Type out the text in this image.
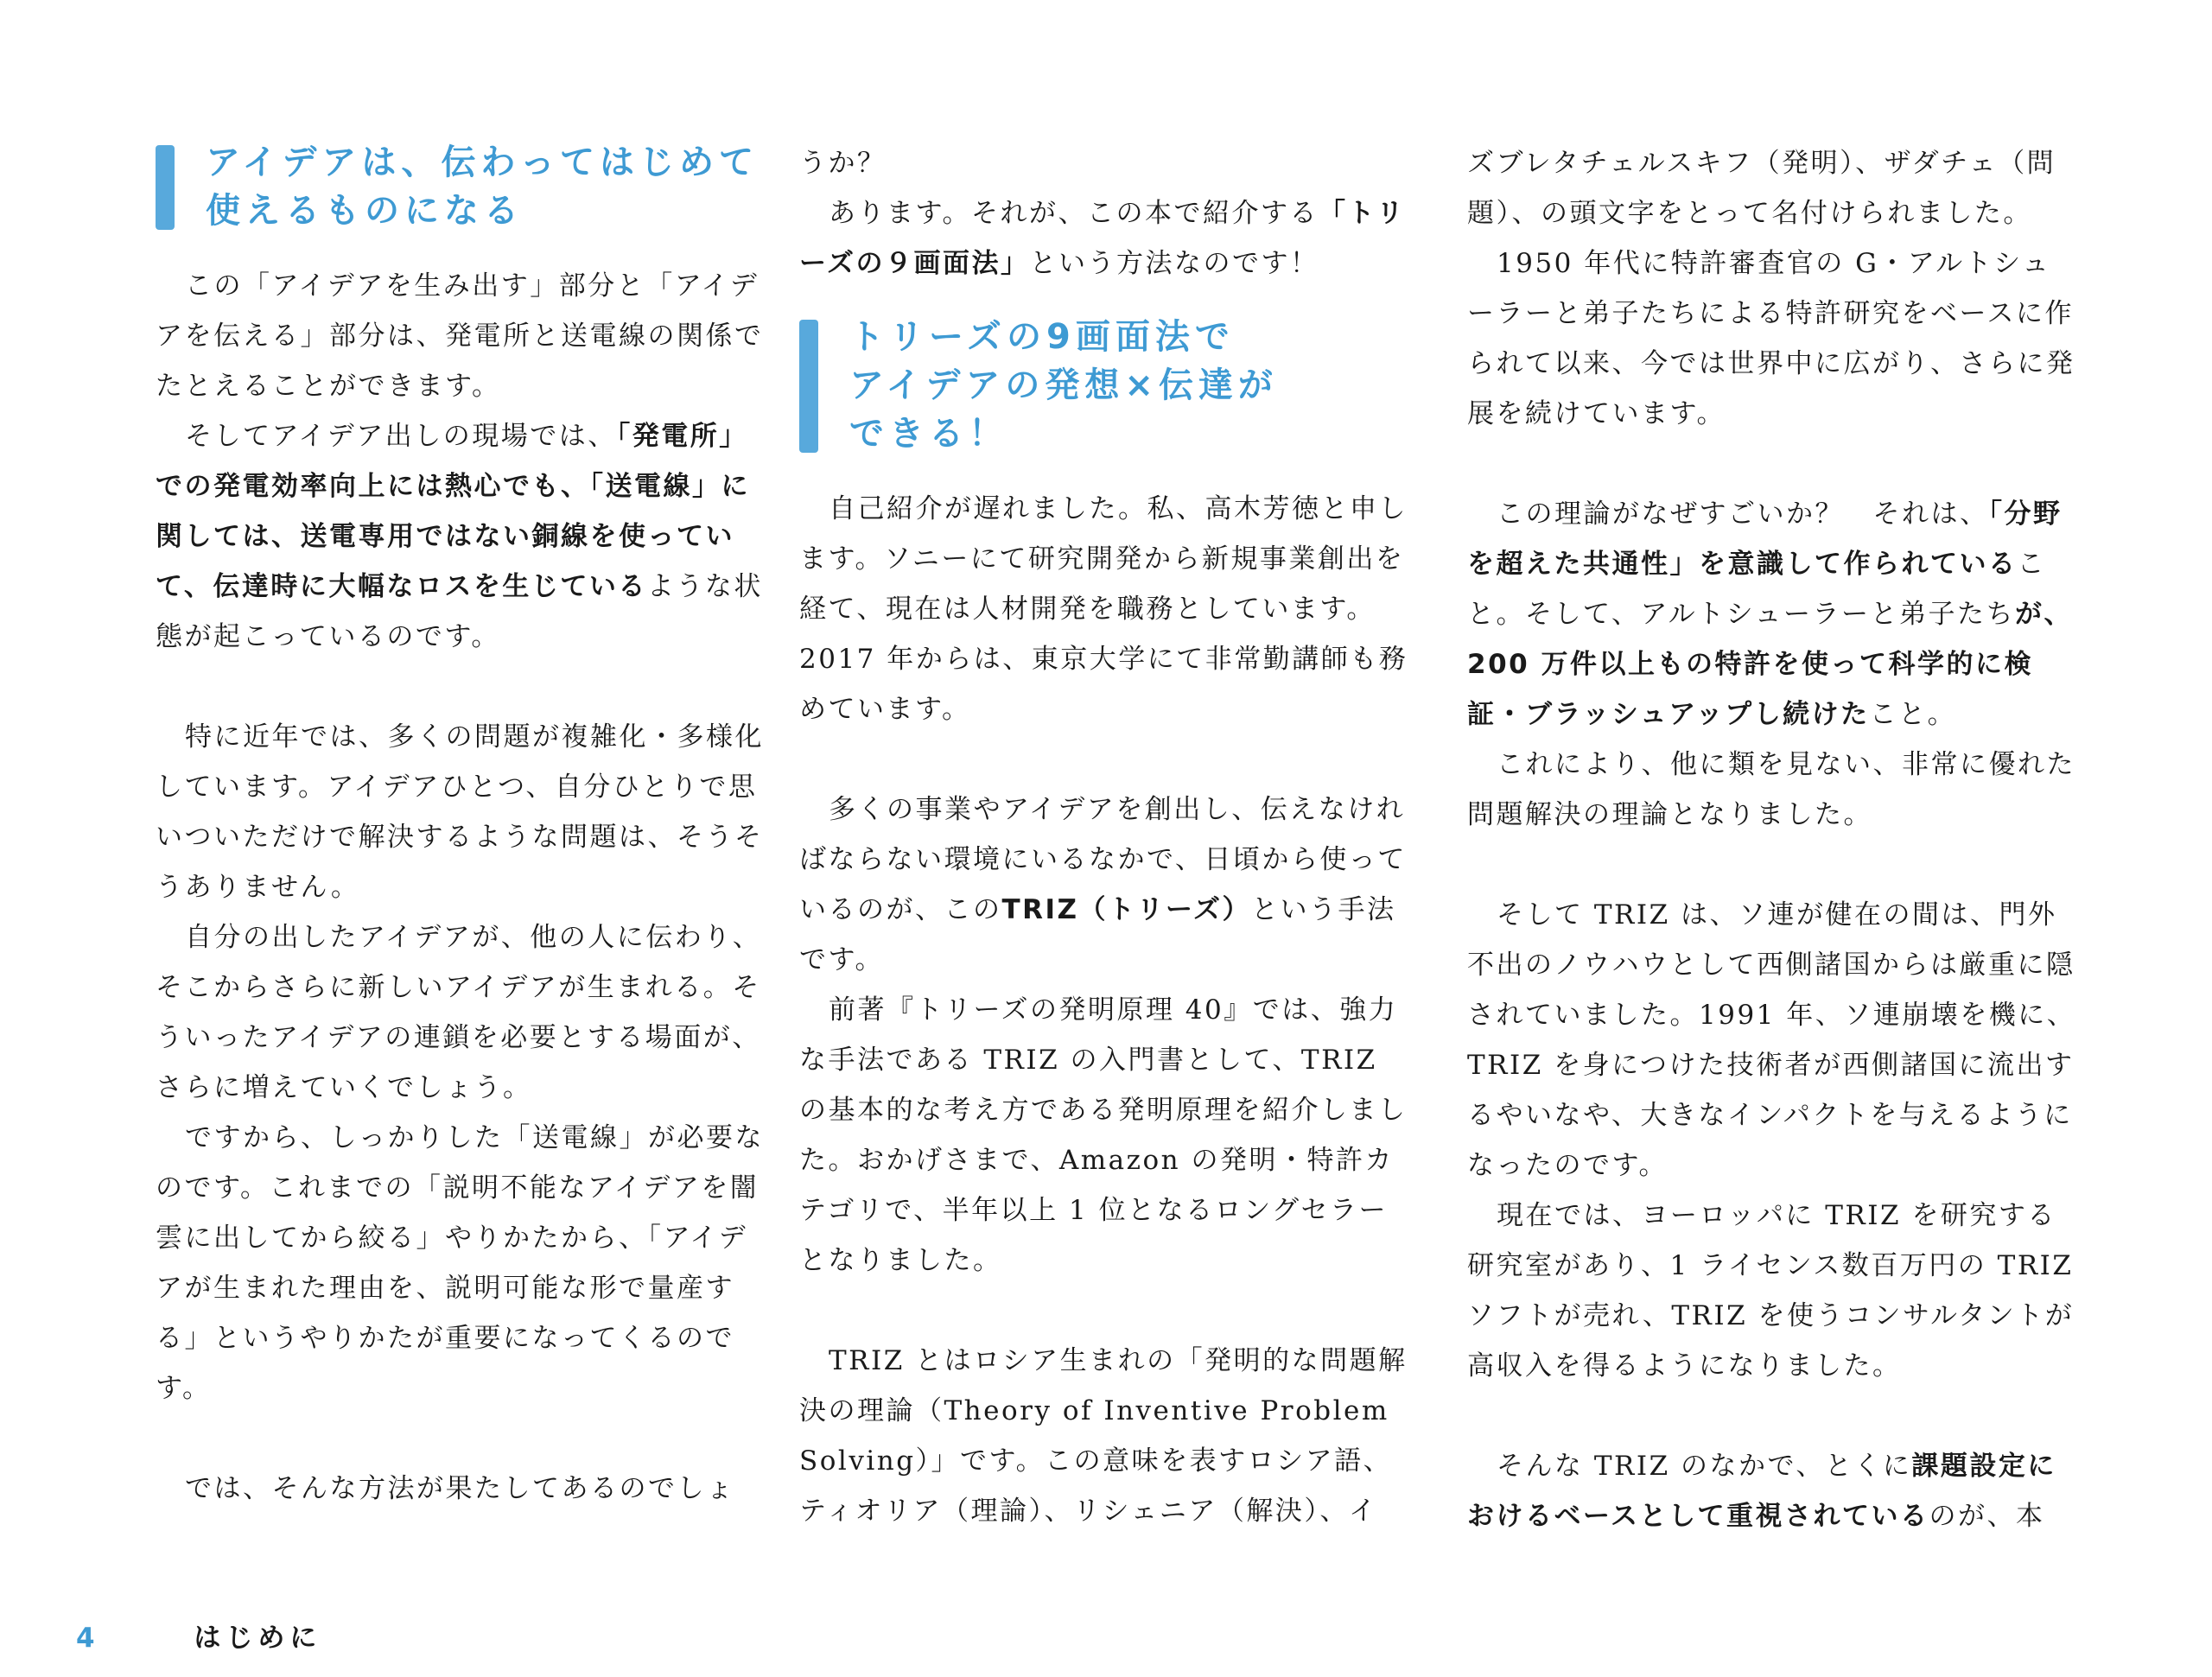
アイデアは、伝わってはじめて
使えるものになる

この「アイデアを生み出す」部分と「アイデアを伝える」部分は、発電所と送電線の関係でたとえることができます。

そしてアイデア出しの現場では、「発電所」での発電効率向上には熱心でも、「送電線」に関しては、送電専用ではない銅線を使っていて、伝達時に大幅なロスを生じているような状態が起こっているのです。

特に近年では、多くの問題が複雑化・多様化しています。アイデアひとつ、自分ひとりで思いついただけで解決するような問題は、そうそうありません。

自分の出したアイデアが、他の人に伝わり、そこからさらに新しいアイデアが生まれる。そういったアイデアの連鎖を必要とする場面が、さらに増えていくでしょう。

ですから、しっかりした「送電線」が必要なのです。これまでの「説明不能なアイデアを闇雲に出してから絞る」やりかたから、「アイデアが生まれた理由を、説明可能な形で量産する」というやりかたが重要になってくるのです。

では、そんな方法が果たしてあるのでしょ

うか？

あります。それが、この本で紹介する「トリーズの９画面法」という方法なのです！

トリーズの9画面法で
アイデアの発想×伝達が
できる！

自己紹介が遅れました。私、高木芳徳と申します。ソニーにて研究開発から新規事業創出を経て、現在は人材開発を職務としています。2017 年からは、東京大学にて非常勤講師も務めています。

多くの事業やアイデアを創出し、伝えなければならない環境にいるなかで、日頃から使っているのが、このTRIZ（トリーズ）という手法です。

前著『トリーズの発明原理 40』では、強力な手法である TRIZ の入門書として、TRIZ の基本的な考え方である発明原理を紹介しました。おかげさまで、Amazon の発明・特許カテゴリで、半年以上 1 位となるロングセラーとなりました。

TRIZ とはロシア生まれの「発明的な問題解決の理論（Theory of Inventive Problem Solving）」です。この意味を表すロシア語、ティオリア（理論）、リシェニア（解決）、イ

ズブレタチェルスキフ（発明）、ザダチェ（問題）、の頭文字をとって名付けられました。

1950 年代に特許審査官の G・アルトシューラーと弟子たちによる特許研究をベースに作られて以来、今では世界中に広がり、さらに発展を続けています。

この理論がなぜすごいか？　それは、「分野を超えた共通性」を意識して作られていること。そして、アルトシューラーと弟子たちが、200 万件以上もの特許を使って科学的に検証・ブラッシュアップし続けたこと。

これにより、他に類を見ない、非常に優れた問題解決の理論となりました。

そして TRIZ は、ソ連が健在の間は、門外不出のノウハウとして西側諸国からは厳重に隠されていました。1991 年、ソ連崩壊を機に、TRIZ を身につけた技術者が西側諸国に流出するやいなや、大きなインパクトを与えるようになったのです。

現在では、ヨーロッパに TRIZ を研究する研究室があり、1 ライセンス数百万円の TRIZ ソフトが売れ、TRIZ を使うコンサルタントが高収入を得るようになりました。

そんな TRIZ のなかで、とくに課題設定におけるベースとして重視されているのが、本

4	はじめに
